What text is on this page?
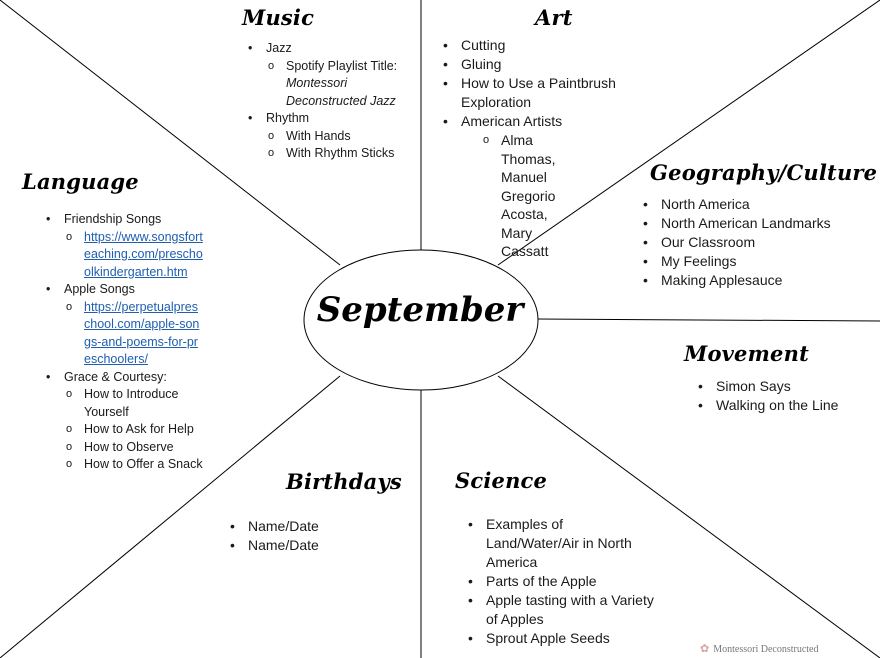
September
Music
• Jazz
o Spotify Playlist Title:
Montessori Deconstructed Jazz
• Rhythm
o With Hands
o With Rhythm Sticks
Art
• Cutting
• Gluing
• How to Use a Paintbrush Exploration
• American Artists
o Alma Thomas, Manuel Gregorio Acosta, Mary Cassatt
Language
• Friendship Songs
o https://www.songsforteaching.com/preschoolkindergarten.htm
• Apple Songs
o https://perpetualpreschool.com/apple-songs-and-poems-for-preschoolers/
• Grace & Courtesy:
o How to Introduce Yourself
o How to Ask for Help
o How to Observe
o How to Offer a Snack
Geography/Culture
• North America
• North American Landmarks
• Our Classroom
• My Feelings
• Making Applesauce
Movement
• Simon Says
• Walking on the Line
Birthdays
• Name/Date
• Name/Date
Science
• Examples of Land/Water/Air in North America
• Parts of the Apple
• Apple tasting with a Variety of Apples
• Sprout Apple Seeds
✿ Montessori Deconstructed
